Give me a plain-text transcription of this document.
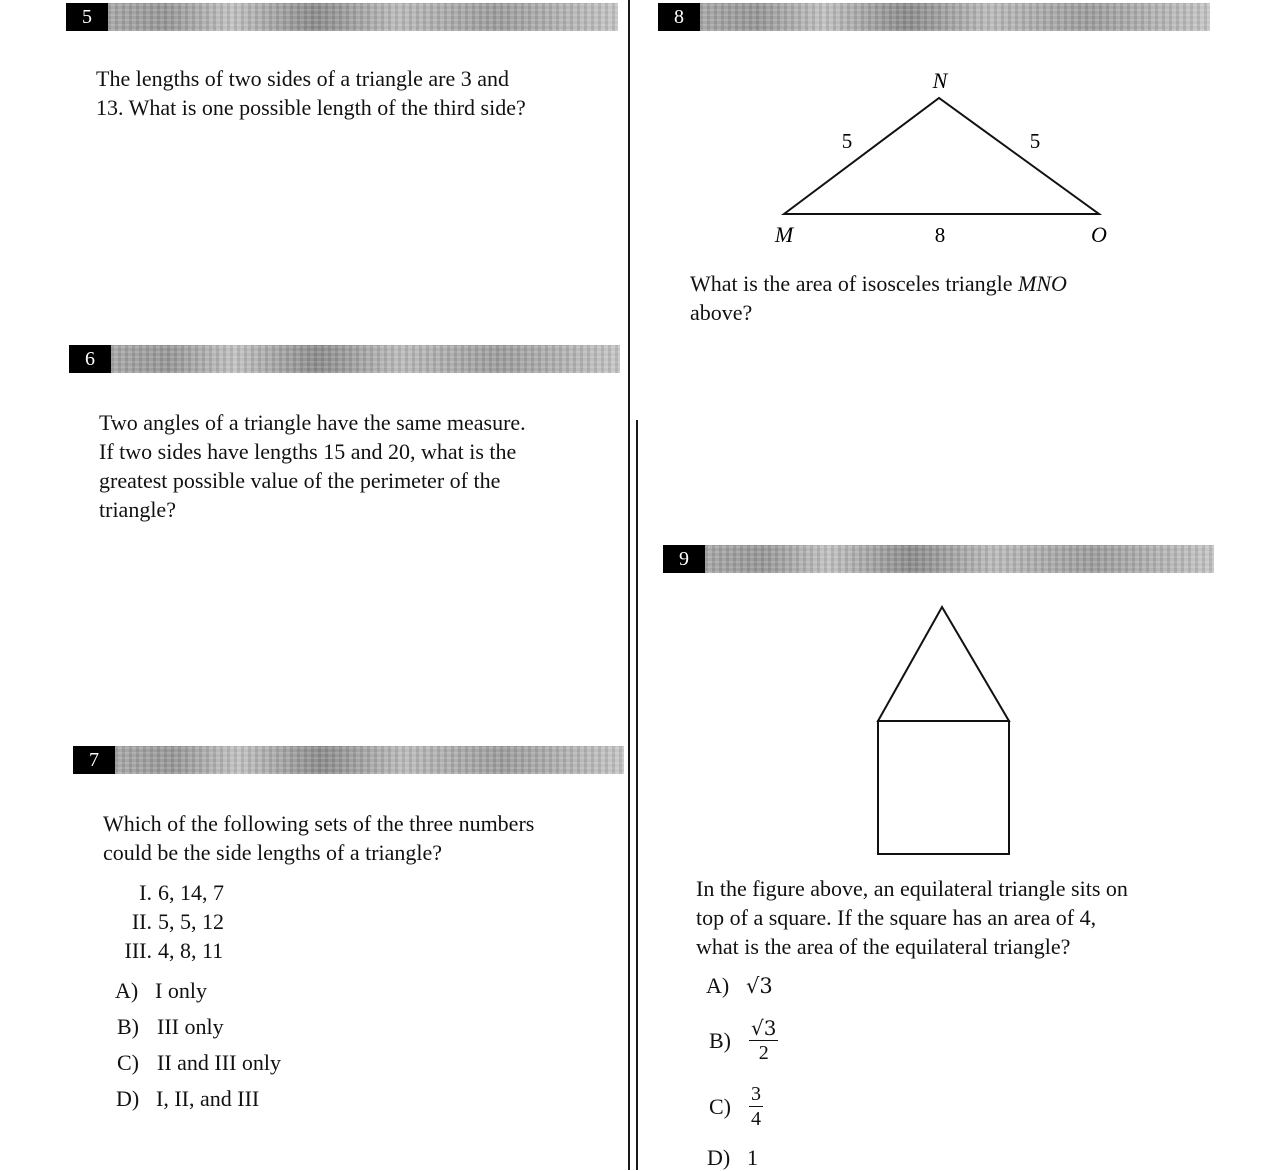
5

The lengths of two sides of a triangle are 3 and

13. What is one possible length of the third side?

6

Two angles of a triangle have the same measure.

If two sides have lengths 15 and 20, what is the

greatest possible value of the perimeter of the

triangle?

7

Which of the following sets of the three numbers

could be the side lengths of a triangle?

I. 6, 14, 7
II. 5, 5, 12
III. 4, 8, 11
A) I only
B) III only
C) II and III only
D) I, II, and III
8
N
M	O
5	5
8

What is the area of isosceles triangle MNO

above?

9

In the figure above, an equilateral triangle sits on

top of a square. If the square has an area of 4,

what is the area of the equilateral triangle?

A) √3
$B) \frac{√3}{2}$
$C) \frac{3}{4}$
D) 1
